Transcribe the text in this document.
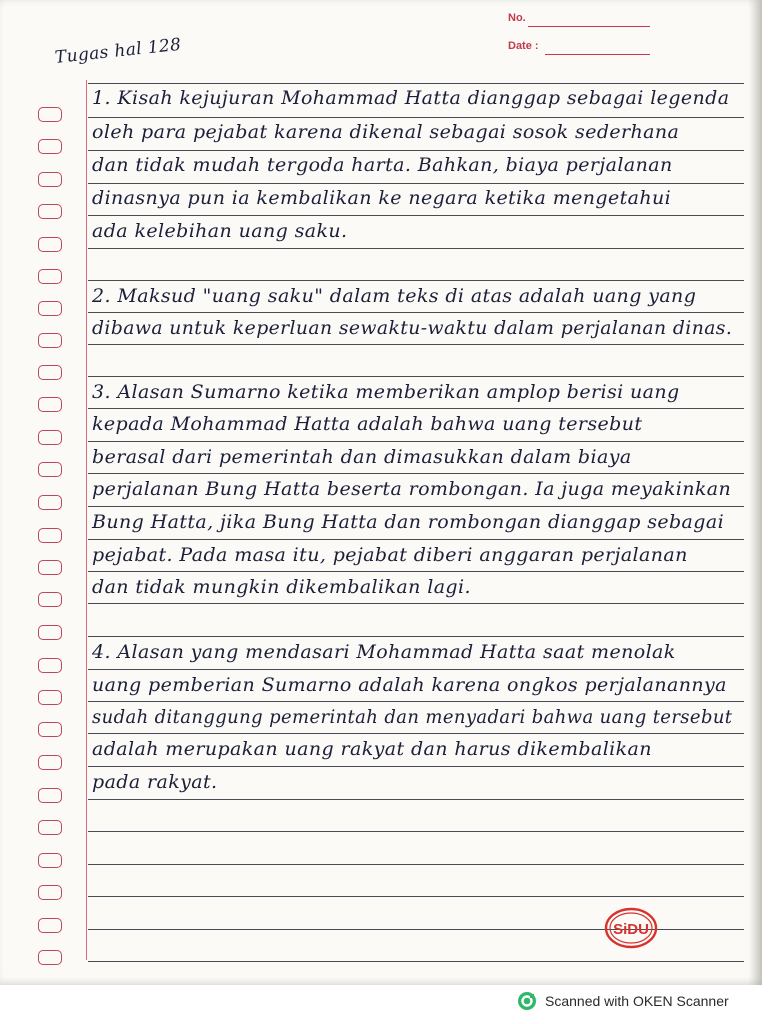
No.
Date :
Tugas hal 128
1. Kisah kejujuran Mohammad Hatta dianggap sebagai legenda
oleh para pejabat karena dikenal sebagai sosok sederhana
dan tidak mudah tergoda harta. Bahkan, biaya perjalanan
dinasnya pun ia kembalikan ke negara ketika mengetahui
ada kelebihan uang saku.
2. Maksud "uang saku" dalam teks di atas adalah uang yang
dibawa untuk keperluan sewaktu-waktu dalam perjalanan dinas.
3. Alasan Sumarno ketika memberikan amplop berisi uang
kepada Mohammad Hatta adalah bahwa uang tersebut
berasal dari pemerintah dan dimasukkan dalam biaya
perjalanan Bung Hatta beserta rombongan. Ia juga meyakinkan
Bung Hatta, jika Bung Hatta dan rombongan dianggap sebagai
pejabat. Pada masa itu, pejabat diberi anggaran perjalanan
dan tidak mungkin dikembalikan lagi.
4. Alasan yang mendasari Mohammad Hatta saat menolak
uang pemberian Sumarno adalah karena ongkos perjalanannya
sudah ditanggung pemerintah dan menyadari bahwa uang tersebut
adalah merupakan uang rakyat dan harus dikembalikan
pada rakyat.
SiDU
Scanned with OKEN Scanner
